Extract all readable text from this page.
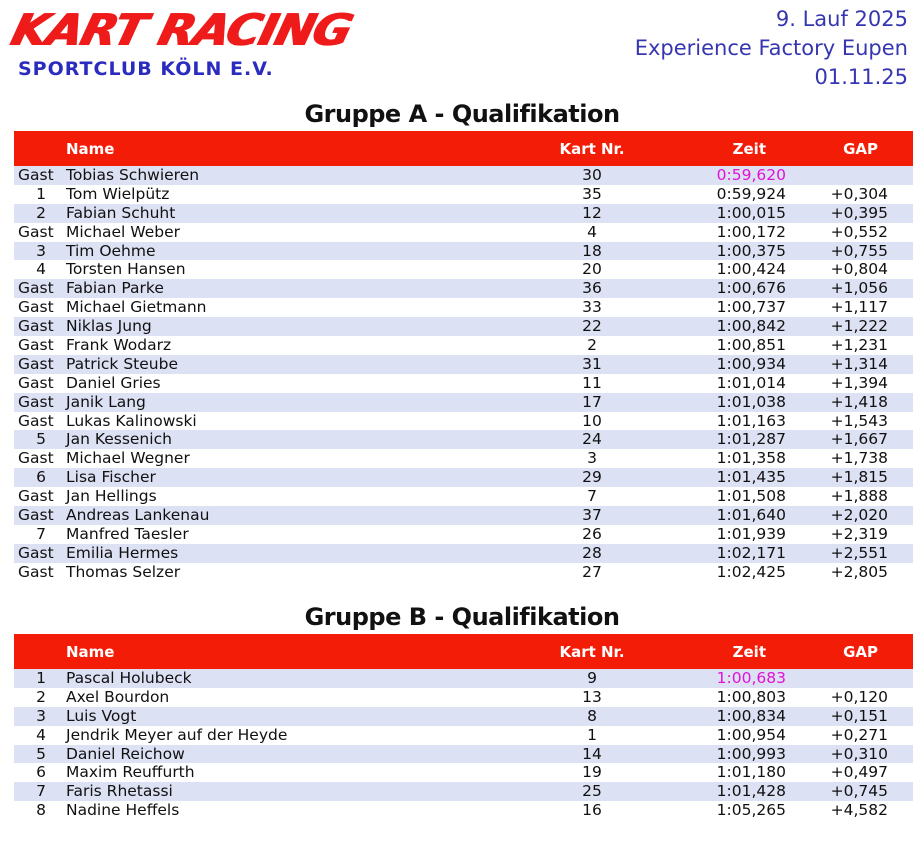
KART RACING
SPORTCLUB KÖLN E.V.
9. Lauf 2025
Experience Factory Eupen
01.11.25
Gruppe A - Qualifikation
Name	Kart Nr.	Zeit	GAP
Gast Tobias Schwieren	30	0:59,620
1	Tom Wielpütz	35	0:59,924	+0,304
2	Fabian Schuht	12	1:00,015	+0,395
Gast Michael Weber	4	1:00,172	+0,552
3	Tim Oehme	18	1:00,375	+0,755
4	Torsten Hansen	20	1:00,424	+0,804
Gast Fabian Parke	36	1:00,676	+1,056
Gast Michael Gietmann	33	1:00,737	+1,117
Gast Niklas Jung	22	1:00,842	+1,222
Gast Frank Wodarz	2	1:00,851	+1,231
Gast Patrick Steube	31	1:00,934	+1,314
Gast Daniel Gries	11	1:01,014	+1,394
Gast Janik Lang	17	1:01,038	+1,418
Gast Lukas Kalinowski	10	1:01,163	+1,543
5	Jan Kessenich	24	1:01,287	+1,667
Gast Michael Wegner	3	1:01,358	+1,738
6	Lisa Fischer	29	1:01,435	+1,815
Gast Jan Hellings	7	1:01,508	+1,888
Gast Andreas Lankenau	37	1:01,640	+2,020
7	Manfred Taesler	26	1:01,939	+2,319
Gast Emilia Hermes	28	1:02,171	+2,551
Gast Thomas Selzer	27	1:02,425	+2,805
Gruppe B - Qualifikation
Name	Kart Nr.	Zeit	GAP
1	Pascal Holubeck	9	1:00,683
2	Axel Bourdon	13	1:00,803	+0,120
3	Luis Vogt	8	1:00,834	+0,151
4	Jendrik Meyer auf der Heyde	1	1:00,954	+0,271
5	Daniel Reichow	14	1:00,993	+0,310
6	Maxim Reuffurth	19	1:01,180	+0,497
7	Faris Rhetassi	25	1:01,428	+0,745
8	Nadine Heffels	16	1:05,265	+4,582
